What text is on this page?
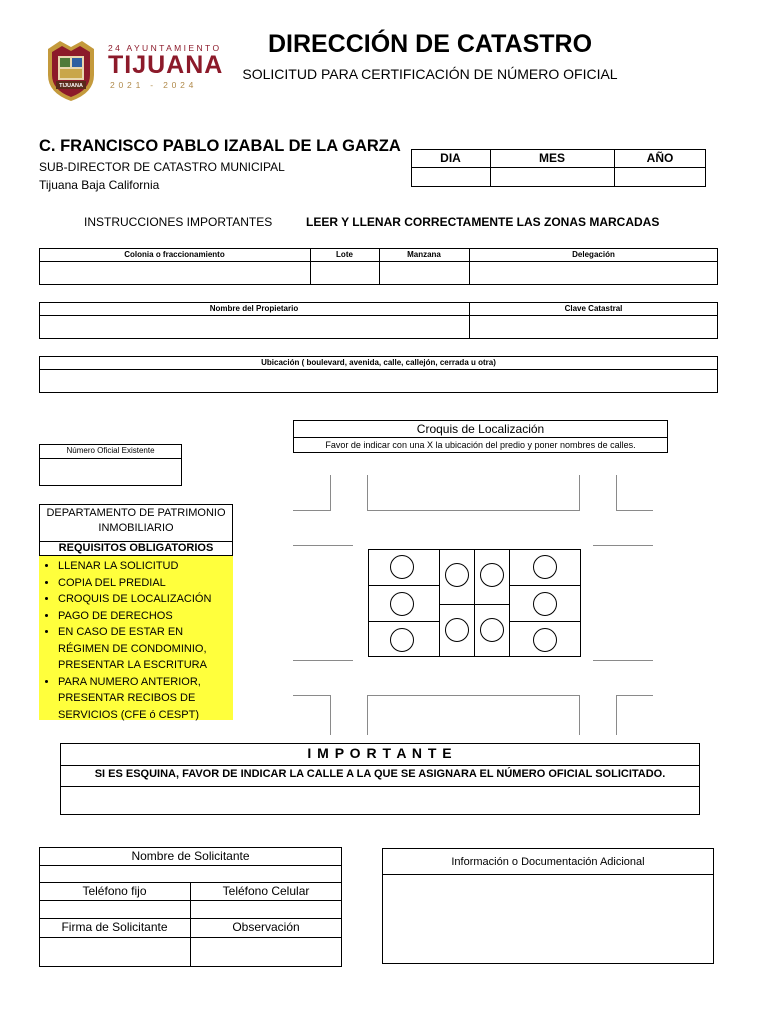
TIJUANA
24 AYUNTAMIENTO
TIJUANA
2021 - 2024
DIRECCIÓN DE CATASTRO
SOLICITUD PARA CERTIFICACIÓN DE NÚMERO OFICIAL
C. FRANCISCO PABLO IZABAL DE LA GARZA
SUB-DIRECTOR DE CATASTRO MUNICIPAL
Tijuana Baja California
DIA	MES	AÑO
INSTRUCCIONES IMPORTANTES	LEER Y LLENAR CORRECTAMENTE LAS ZONAS MARCADAS
Colonia o fraccionamiento	Lote	Manzana	Delegación
Nombre del Propietario	Clave Catastral
Ubicación ( boulevard, avenida, calle, callejón, cerrada u otra)
Número Oficial Existente
Croquis de Localización
Favor de indicar con una X la ubicación del predio y poner nombres de calles.
DEPARTAMENTO DE PATRIMONIO INMOBILIARIO
REQUISITOS OBLIGATORIOS
• LLENAR LA SOLICITUD
• COPIA DEL PREDIAL
• CROQUIS DE LOCALIZACIÓN
• PAGO DE DERECHOS
• EN CASO DE ESTAR EN RÉGIMEN DE CONDOMINIO, PRESENTAR LA ESCRITURA
• PARA NUMERO ANTERIOR, PRESENTAR RECIBOS DE SERVICIOS (CFE ó CESPT)
I M P O R T A N T E
SI ES ESQUINA, FAVOR DE INDICAR LA CALLE A LA QUE SE ASIGNARA EL NÚMERO OFICIAL SOLICITADO.
Nombre de Solicitante
Teléfono fijo	Teléfono Celular
Firma de Solicitante	Observación
Información o Documentación Adicional
